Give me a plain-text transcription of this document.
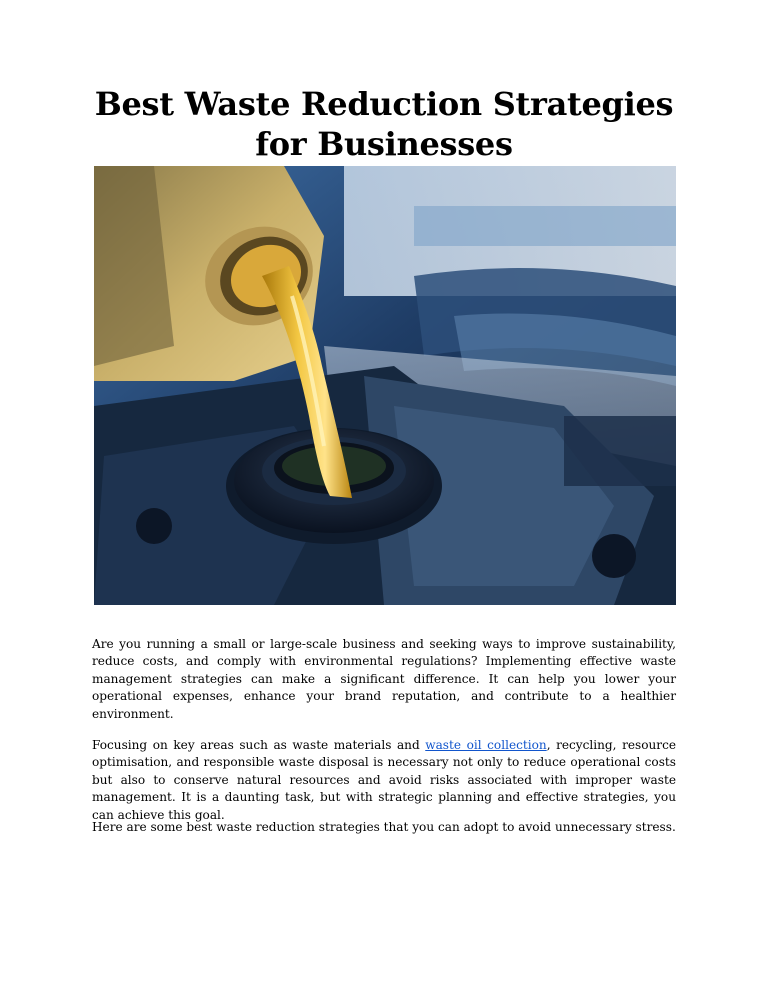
Best Waste Reduction Strategies
for Businesses

Are you running a small or large-scale business and seeking ways to improve sustainability, reduce costs, and comply with environmental regulations? Implementing effective waste management strategies can make a significant difference. It can help you lower your operational expenses, enhance your brand reputation, and contribute to a healthier environment.

Focusing on key areas such as waste materials and waste oil collection, recycling, resource optimisation, and responsible waste disposal is necessary not only to reduce operational costs but also to conserve natural resources and avoid risks associated with improper waste management. It is a daunting task, but with strategic planning and effective strategies, you can achieve this goal.

Here are some best waste reduction strategies that you can adopt to avoid unnecessary stress.
